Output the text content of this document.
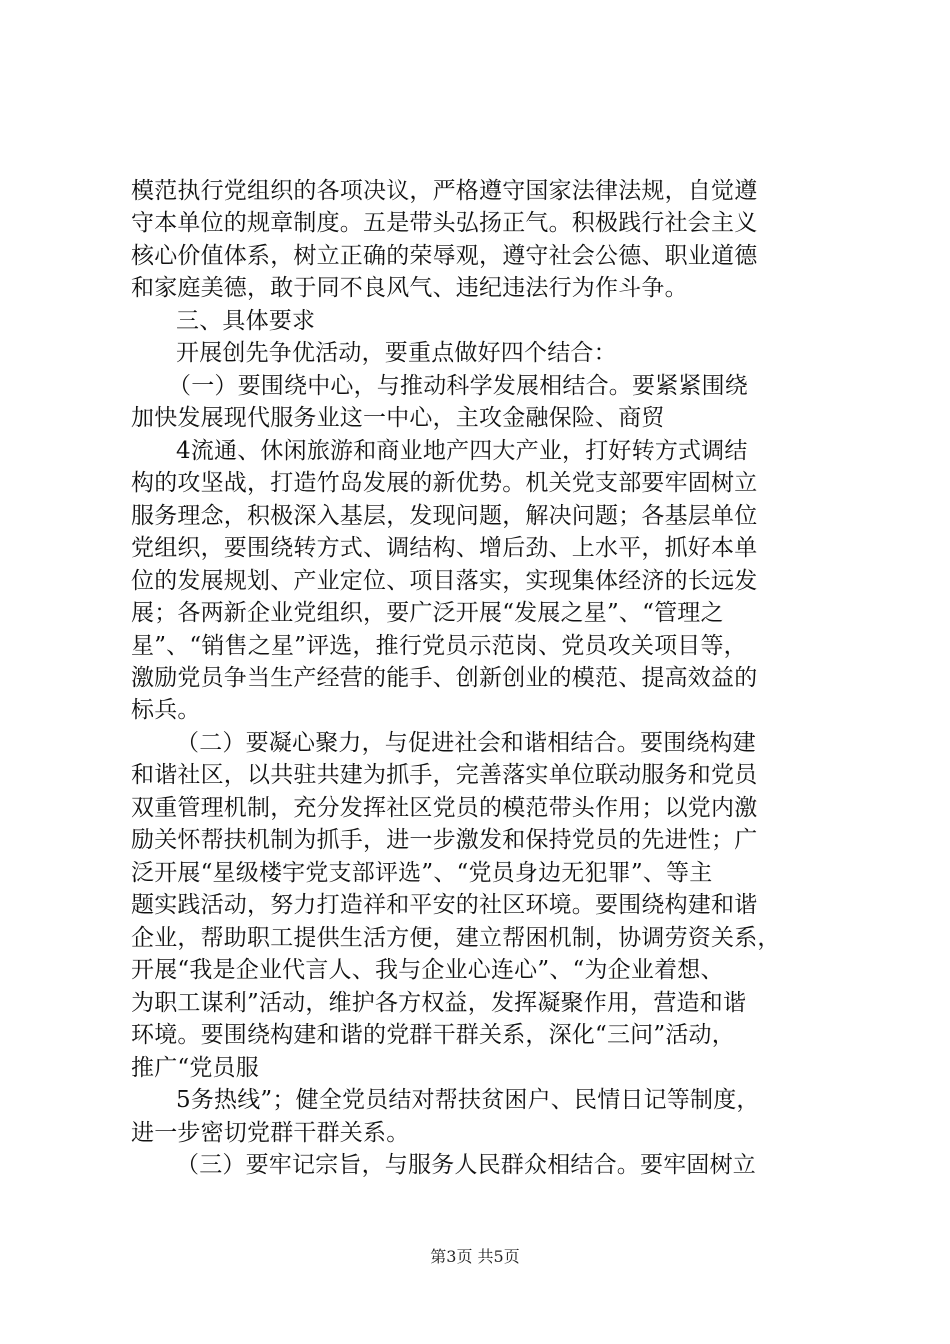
模范执行党组织的各项决议，严格遵守国家法律法规，自觉遵
守本单位的规章制度。五是带头弘扬正气。积极践行社会主义
核心价值体系，树立正确的荣辱观，遵守社会公德、职业道德
和家庭美德，敢于同不良风气、违纪违法行为作斗争。
三、具体要求
开展创先争优活动，要重点做好四个结合：
（一）要围绕中心，与推动科学发展相结合。要紧紧围绕
加快发展现代服务业这一中心，主攻金融保险、商贸
4流通、休闲旅游和商业地产四大产业，打好转方式调结
构的攻坚战，打造竹岛发展的新优势。机关党支部要牢固树立
服务理念，积极深入基层，发现问题，解决问题；各基层单位
党组织，要围绕转方式、调结构、增后劲、上水平，抓好本单
位的发展规划、产业定位、项目落实，实现集体经济的长远发
展；各两新企业党组织，要广泛开展“发展之星”、“管理之
星”、“销售之星”评选，推行党员示范岗、党员攻关项目等，
激励党员争当生产经营的能手、创新创业的模范、提高效益的
标兵。
（二）要凝心聚力，与促进社会和谐相结合。要围绕构建
和谐社区，以共驻共建为抓手，完善落实单位联动服务和党员
双重管理机制，充分发挥社区党员的模范带头作用；以党内激
励关怀帮扶机制为抓手，进一步激发和保持党员的先进性；广
泛开展“星级楼宇党支部评选”、“党员身边无犯罪”、等主
题实践活动，努力打造祥和平安的社区环境。要围绕构建和谐
企业，帮助职工提供生活方便，建立帮困机制，协调劳资关系，
开展“我是企业代言人、我与企业心连心”、“为企业着想、
为职工谋利”活动，维护各方权益，发挥凝聚作用，营造和谐
环境。要围绕构建和谐的党群干群关系，深化“三问”活动，
推广“党员服
5务热线”；健全党员结对帮扶贫困户、民情日记等制度，
进一步密切党群干群关系。
（三）要牢记宗旨，与服务人民群众相结合。要牢固树立
第3页 共5页
